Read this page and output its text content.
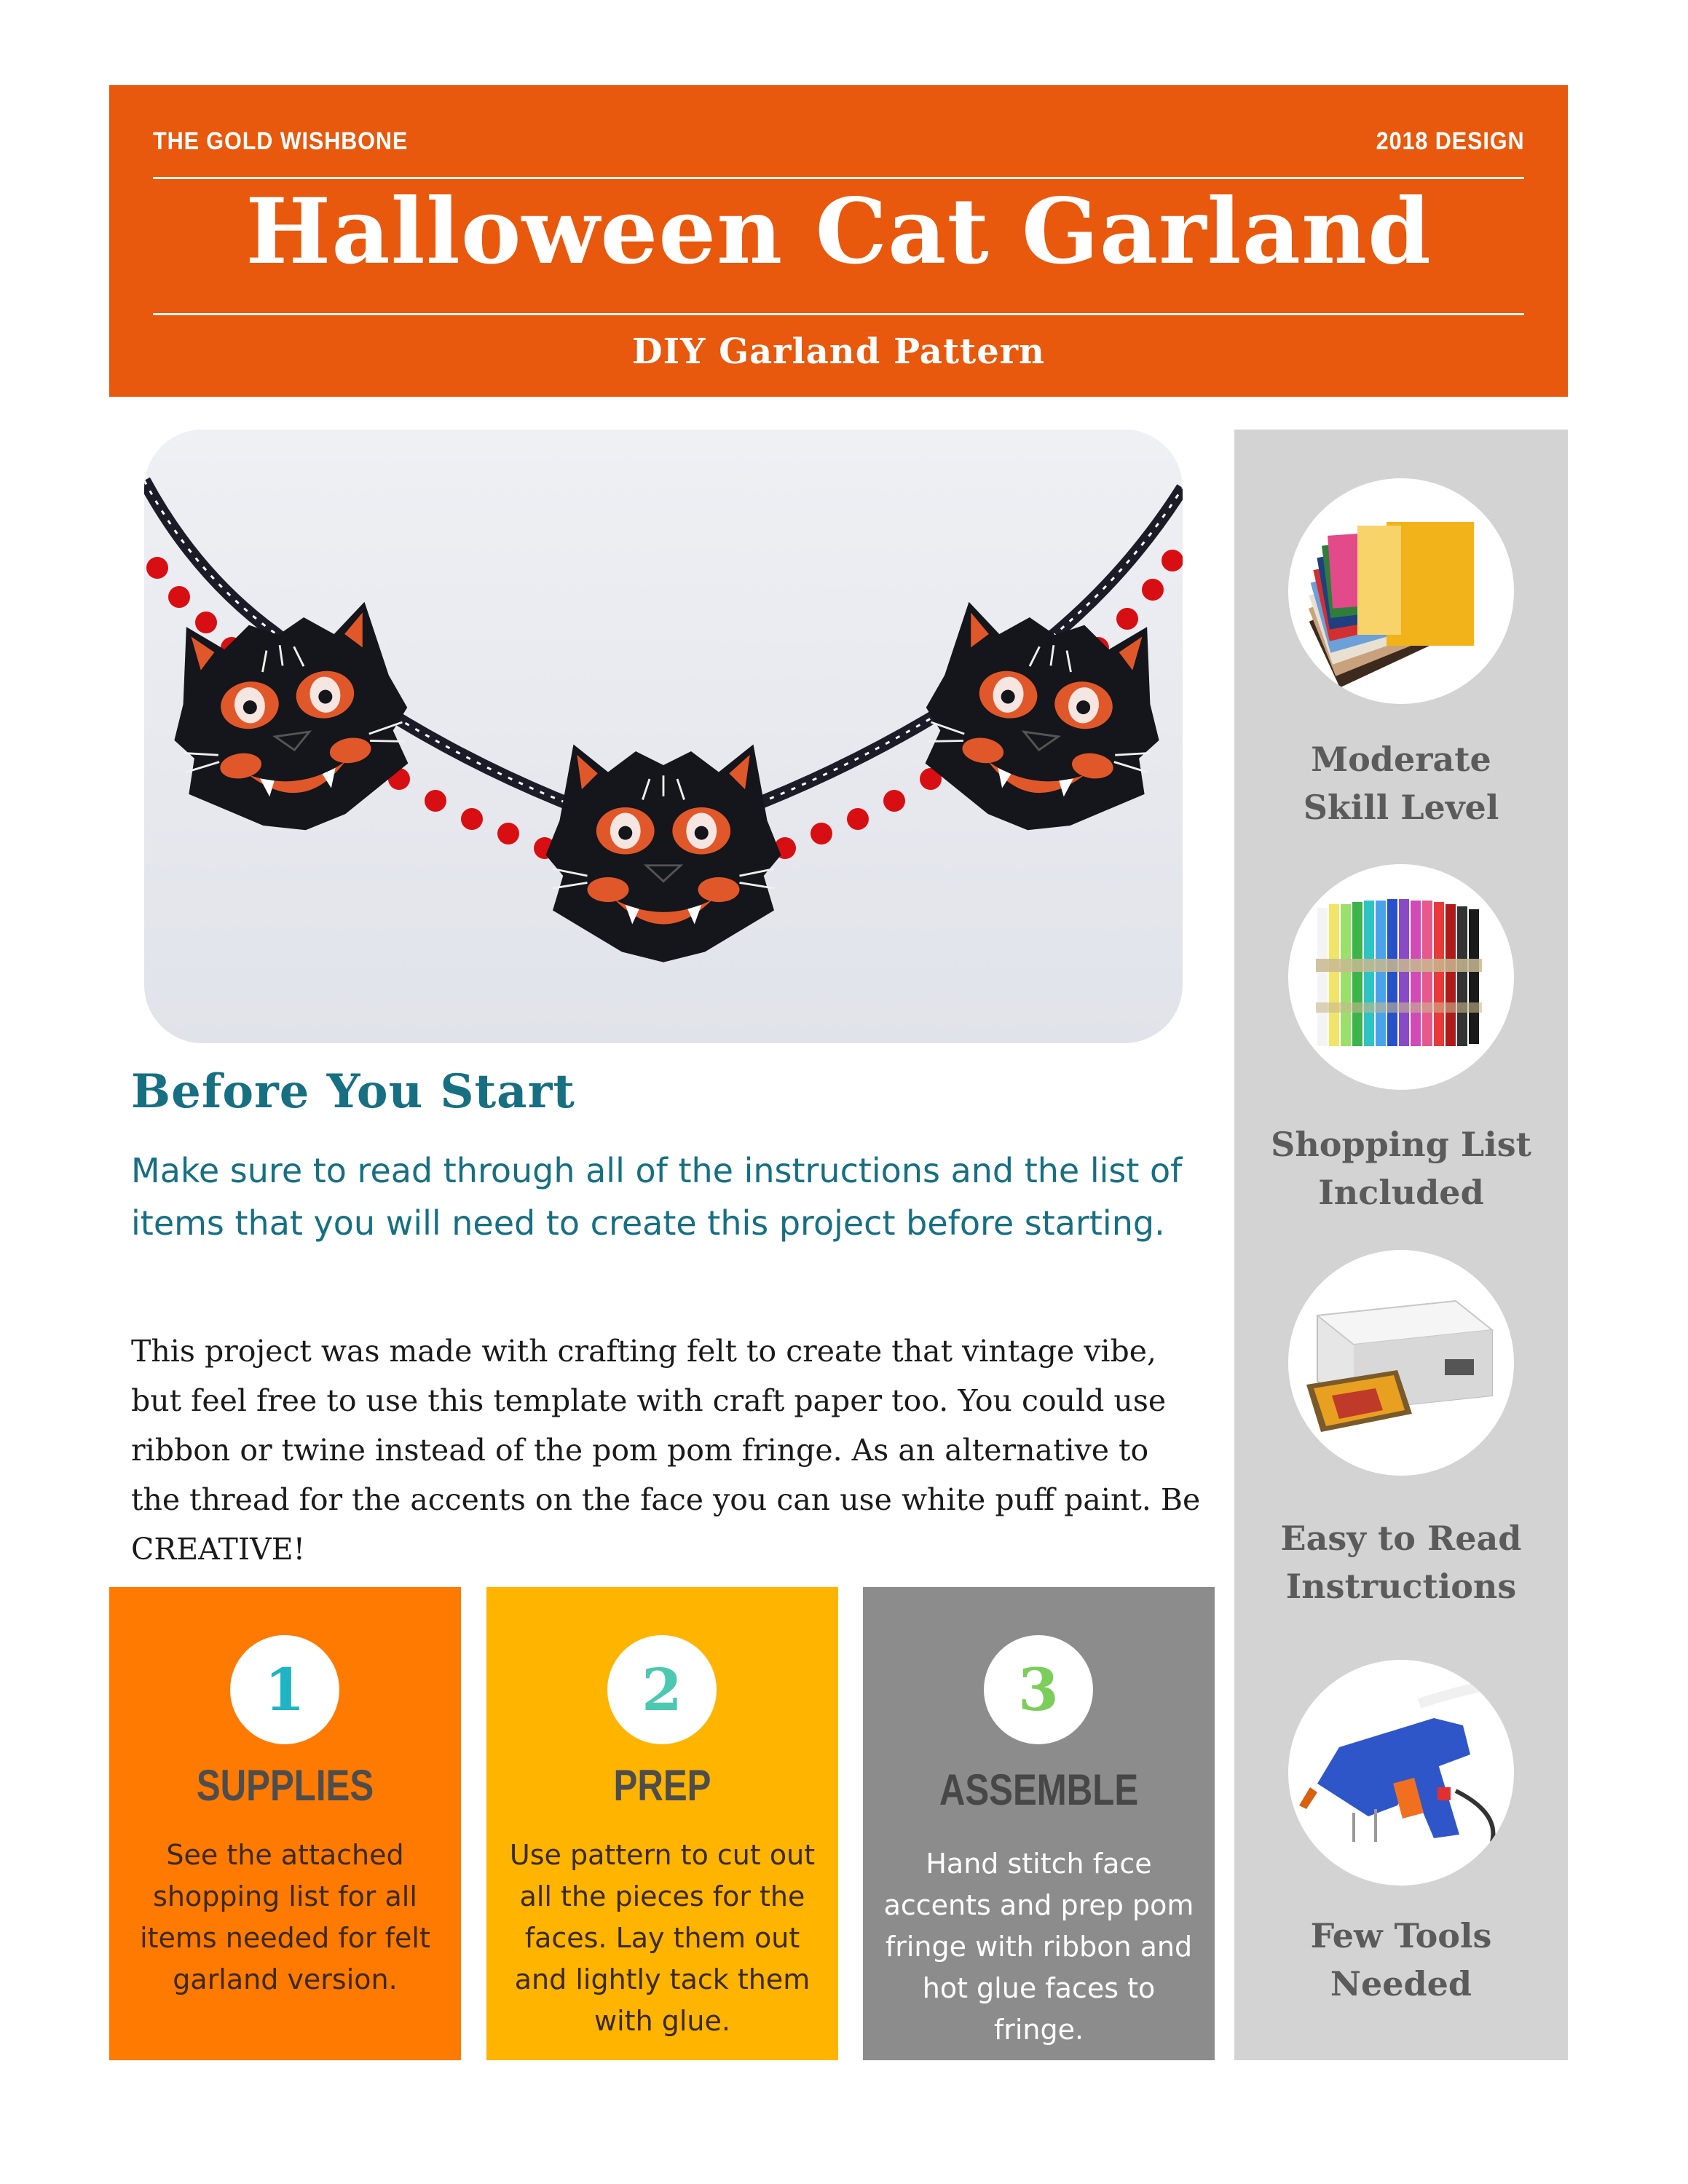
THE GOLD WISHBONE	2018 DESIGN
Halloween Cat Garland
DIY Garland Pattern
Before You Start
Make sure to read through all of the instructions and the list of items that you will need to create this project before starting.
This project was made with crafting felt to create that vintage vibe, but feel free to use this template with craft paper too. You could use ribbon or twine instead of the pom pom fringe. As an alternative to the thread for the accents on the face you can use white puff paint. Be CREATIVE!
1
SUPPLIES
See the attached shopping list for all items needed for felt garland version.
2
PREP
Use pattern to cut out all the pieces for the faces. Lay them out and lightly tack them with glue.
3
ASSEMBLE
Hand stitch face accents and prep pom fringe with ribbon and hot glue faces to fringe.
Moderate
Skill Level
Shopping List
Included
Easy to Read
Instructions
Few Tools
Needed
